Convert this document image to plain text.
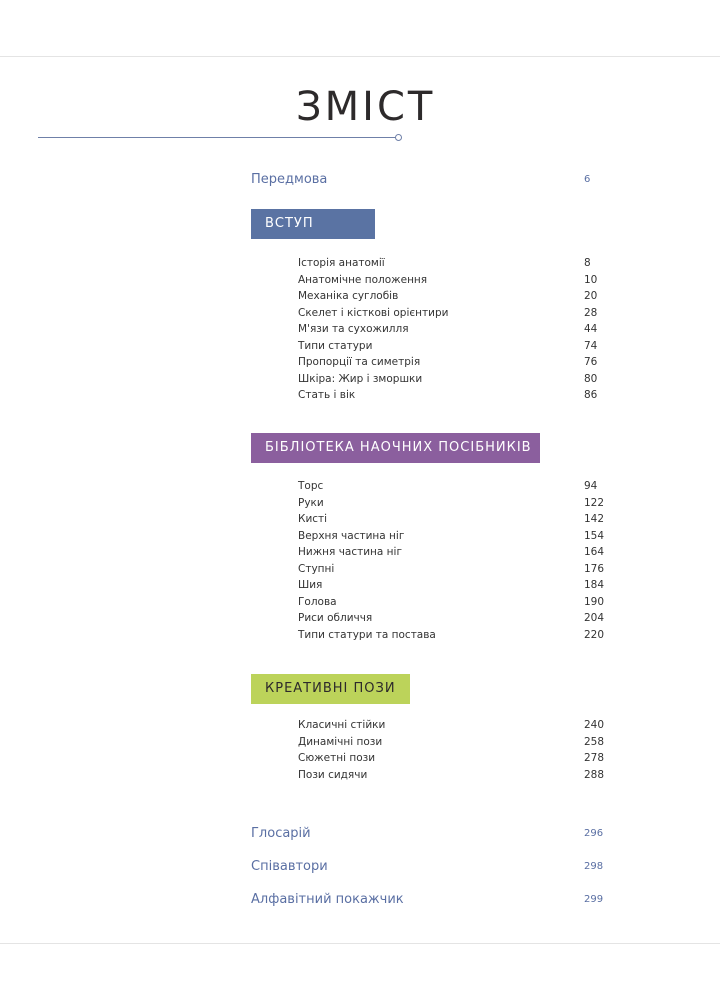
ЗМІСТ
Передмова	6
ВСТУП
Історія анатомії	8
Анатомічне положення	10
Механіка суглобів	20
Скелет і кісткові орієнтири	28
М'язи та сухожилля	44
Типи статури	74
Пропорції та симетрія	76
Шкіра: Жир і зморшки	80
Стать і вік	86
БІБЛІОТЕКА НАОЧНИХ ПОСІБНИКІВ
Торс	94
Руки	122
Кисті	142
Верхня частина ніг	154
Нижня частина ніг	164
Ступні	176
Шия	184
Голова	190
Риси обличчя	204
Типи статури та постава	220
КРЕАТИВНІ ПОЗИ
Класичні стійки	240
Динамічні пози	258
Сюжетні пози	278
Пози сидячи	288
Глосарій	296
Співавтори	298
Алфавітний покажчик	299
